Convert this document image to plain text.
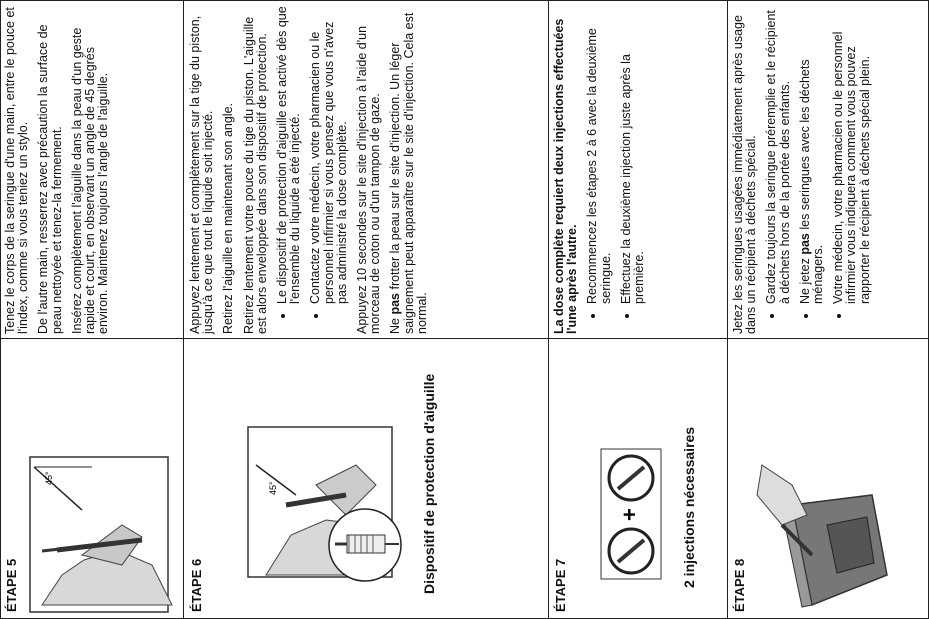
Tenez le corps de la seringue d'une main, entre le pouce et l'index, comme si vous teniez un stylo. De l'autre main, resserrez avec précaution la surface de peau nettoyée et tenez-la fermement. Insérez complètement l'aiguille dans la peau d'un geste rapide et court, en observant un angle de 45 degrés environ. Maintenez toujours l'angle de l'aiguille.

ÉTAPE 5
45°

Appuyez lentement et complètement sur la tige du piston, jusqu'à ce que tout le liquide soit injecté. Retirez l'aiguille en maintenant son angle. Retirez lentement votre pouce du tige du piston. L'aiguille est alors enveloppée dans son dispositif de protection. • Le dispositif de protection d'aiguille est activé dès que l'ensemble du liquide a été injecté. • Contactez votre médecin, votre pharmacien ou le personnel infirmier si vous pensez que vous n'avez pas administré la dose complète. Appuyez 10 secondes sur le site d'injection à l'aide d'un morceau de coton ou d'un tampon de gaze. Ne pas frotter la peau sur le site d'injection. Un léger saignement peut apparaître sur le site d'injection. Cela est normal.

ÉTAPE 6	Dispositif de protection d'aiguille
45°

La dose complète requiert deux injections effectuées l'une après l'autre. • Recommencez les étapes 2 à 6 avec la deuxième seringue. • Effectuez la deuxième injection juste après la première.
ÉTAPE 7	2 injections nécessaires
+

Jetez les seringues usagées immédiatement après usage dans un récipient à déchets spécial. • Gardez toujours la seringue préremplie et le récipient à déchets hors de la portée des enfants. • Ne jetez pas les seringues avec les déchets ménagers. • Votre médecin, votre pharmacien ou le personnel infirmier vous indiquera comment vous pouvez rapporter le récipient à déchets spécial plein.
ÉTAPE 8
